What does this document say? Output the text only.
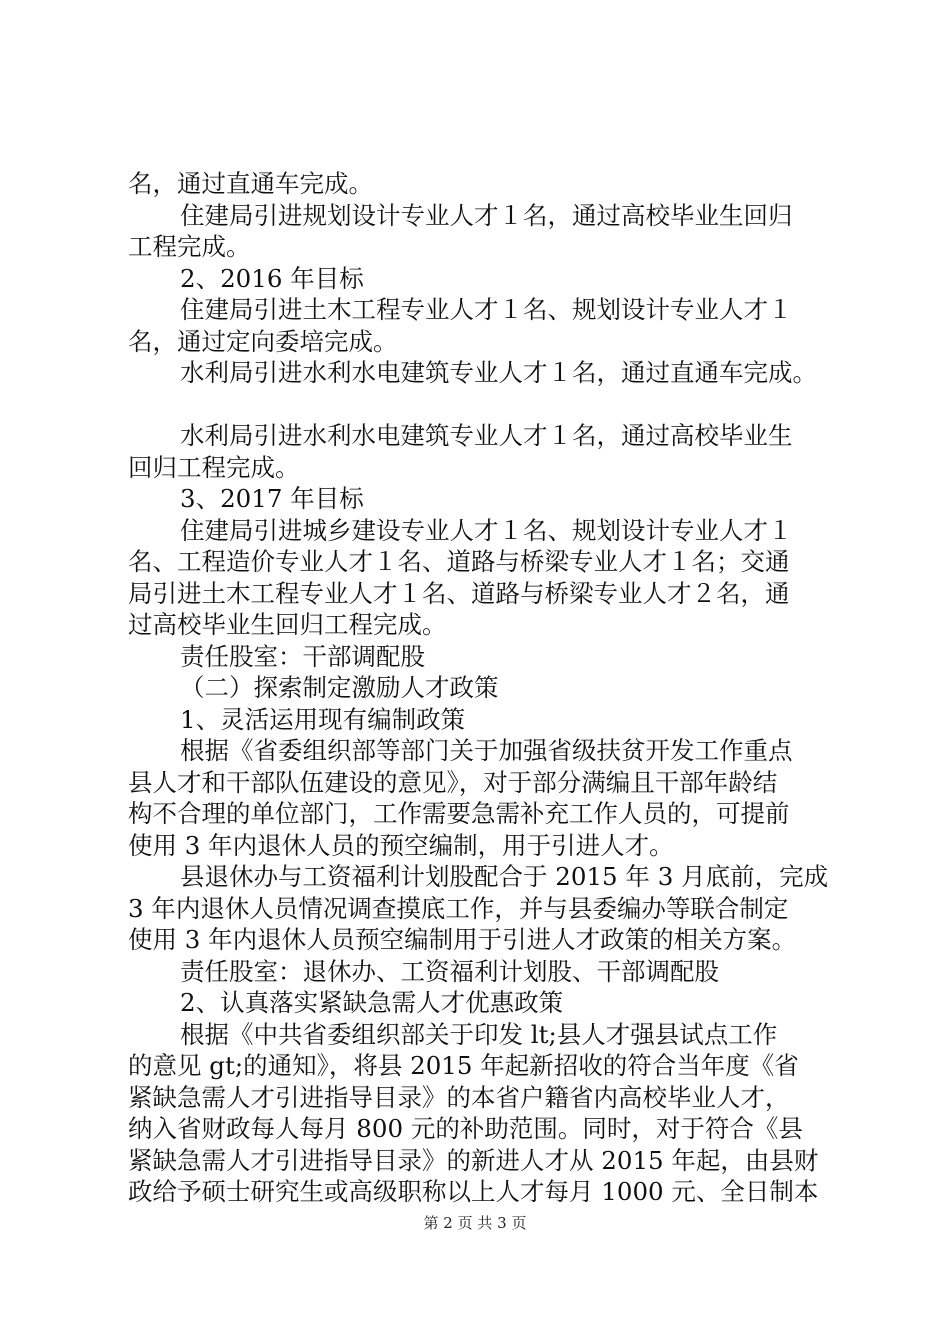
名，通过直通车完成。
住建局引进规划设计专业人才１名，通过高校毕业生回归
工程完成。
2、2016 年目标
住建局引进土木工程专业人才１名、规划设计专业人才１
名，通过定向委培完成。
水利局引进水利水电建筑专业人才１名，通过直通车完成。
水利局引进水利水电建筑专业人才１名，通过高校毕业生
回归工程完成。
3、2017 年目标
住建局引进城乡建设专业人才１名、规划设计专业人才１
名、工程造价专业人才１名、道路与桥梁专业人才１名；交通
局引进土木工程专业人才１名、道路与桥梁专业人才２名，通
过高校毕业生回归工程完成。
责任股室：干部调配股
（二）探索制定激励人才政策
1、灵活运用现有编制政策
根据《省委组织部等部门关于加强省级扶贫开发工作重点
县人才和干部队伍建设的意见》，对于部分满编且干部年龄结
构不合理的单位部门，工作需要急需补充工作人员的，可提前
使用 3 年内退休人员的预空编制，用于引进人才。
县退休办与工资福利计划股配合于 2015 年 3 月底前，完成
3 年内退休人员情况调查摸底工作，并与县委编办等联合制定
使用 3 年内退休人员预空编制用于引进人才政策的相关方案。
责任股室：退休办、工资福利计划股、干部调配股
2、认真落实紧缺急需人才优惠政策
根据《中共省委组织部关于印发 lt;县人才强县试点工作
的意见 gt;的通知》，将县 2015 年起新招收的符合当年度《省
紧缺急需人才引进指导目录》的本省户籍省内高校毕业人才，
纳入省财政每人每月 800 元的补助范围。同时，对于符合《县
紧缺急需人才引进指导目录》的新进人才从 2015 年起，由县财
政给予硕士研究生或高级职称以上人才每月 1000 元、全日制本
第 2 页 共 3 页
